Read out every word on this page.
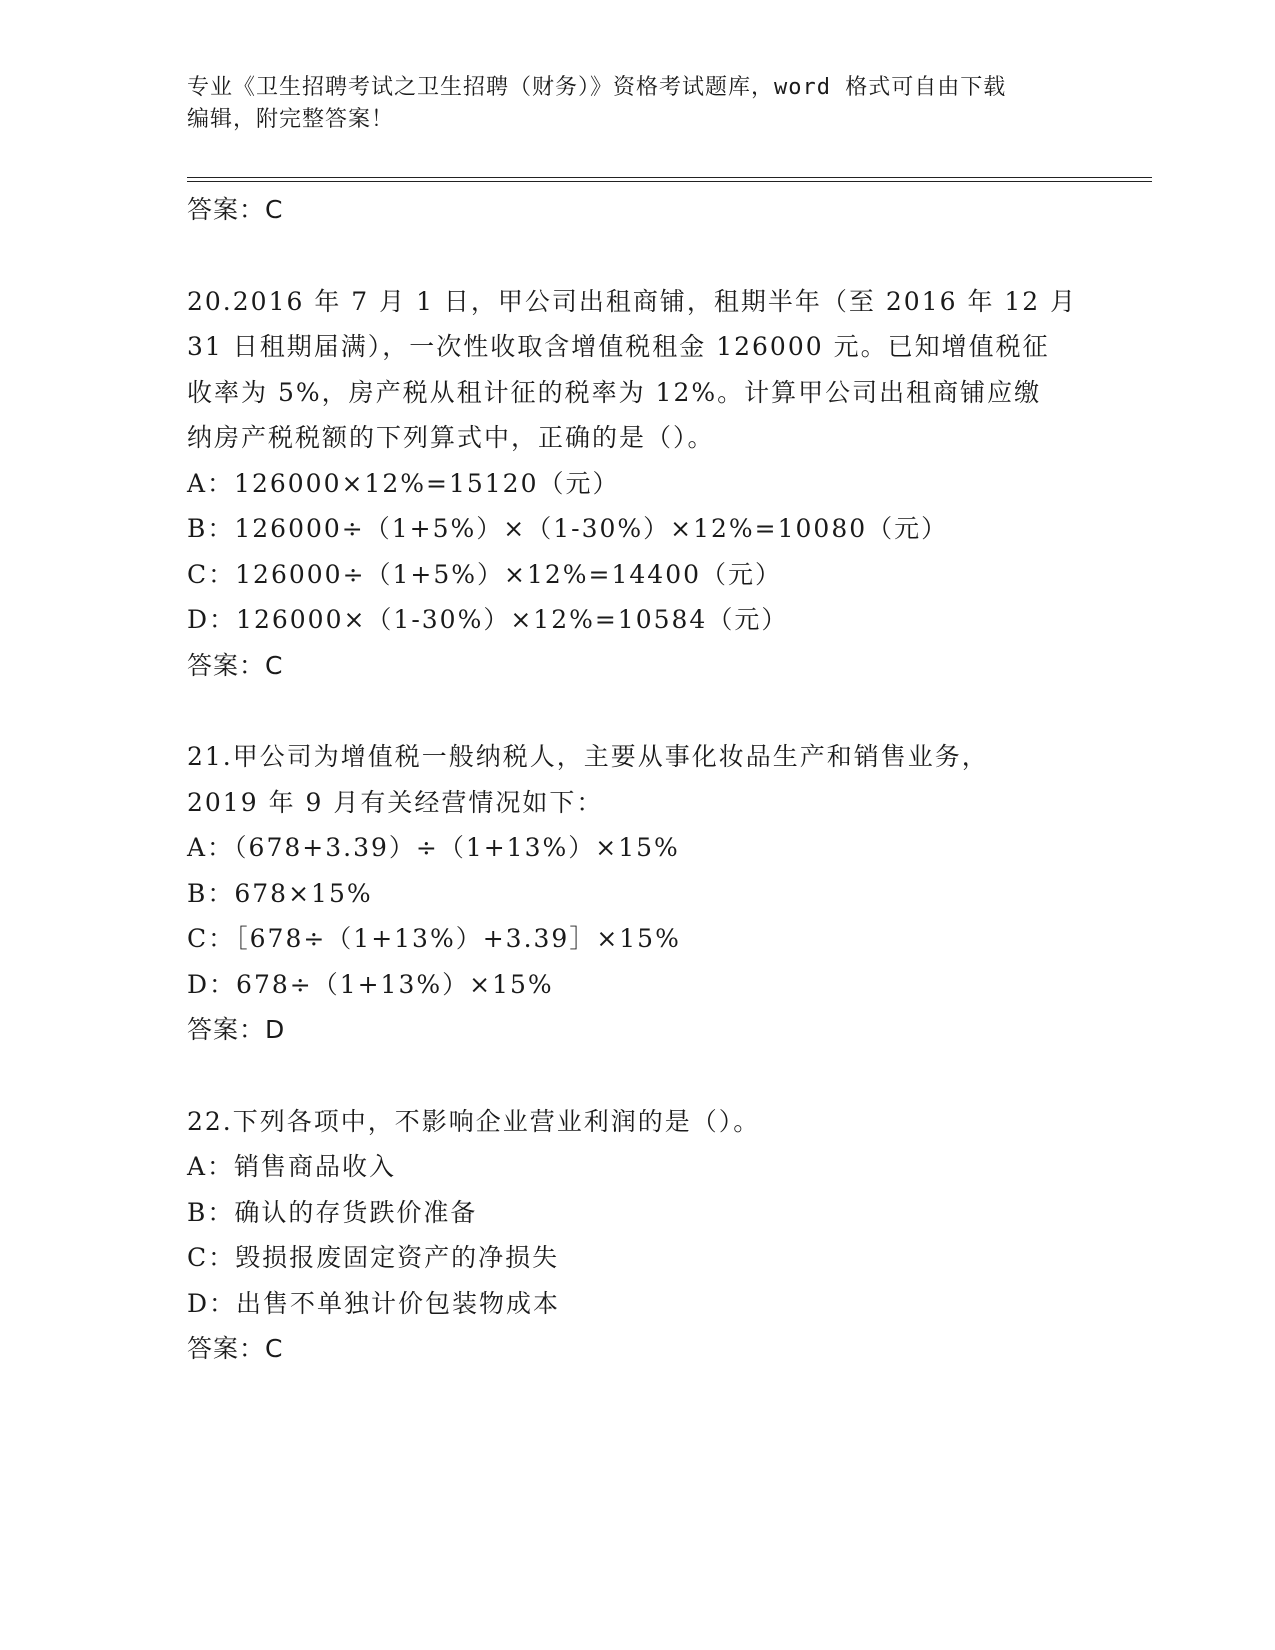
专业《卫生招聘考试之卫生招聘（财务）》资格考试题库，word 格式可自由下载
编辑，附完整答案！
答案：C
20.2016 年 7 月 1 日，甲公司出租商铺，租期半年（至 2016 年 12 月
31 日租期届满），一次性收取含增值税租金 126000 元。已知增值税征
收率为 5%，房产税从租计征的税率为 12%。计算甲公司出租商铺应缴
纳房产税税额的下列算式中，正确的是（）。
A：126000×12%=15120（元）
B：126000÷（1+5%）×（1-30%）×12%=10080（元）
C：126000÷（1+5%）×12%=14400（元）
D：126000×（1-30%）×12%=10584（元）
答案：C
21.甲公司为增值税一般纳税人，主要从事化妆品生产和销售业务，
2019 年 9 月有关经营情况如下：
A：（678+3.39）÷（1+13%）×15%
B：678×15%
C：［678÷（1+13%）+3.39］×15%
D：678÷（1+13%）×15%
答案：D
22.下列各项中，不影响企业营业利润的是（）。
A：销售商品收入
B：确认的存货跌价准备
C：毁损报废固定资产的净损失
D：出售不单独计价包装物成本
答案：C
